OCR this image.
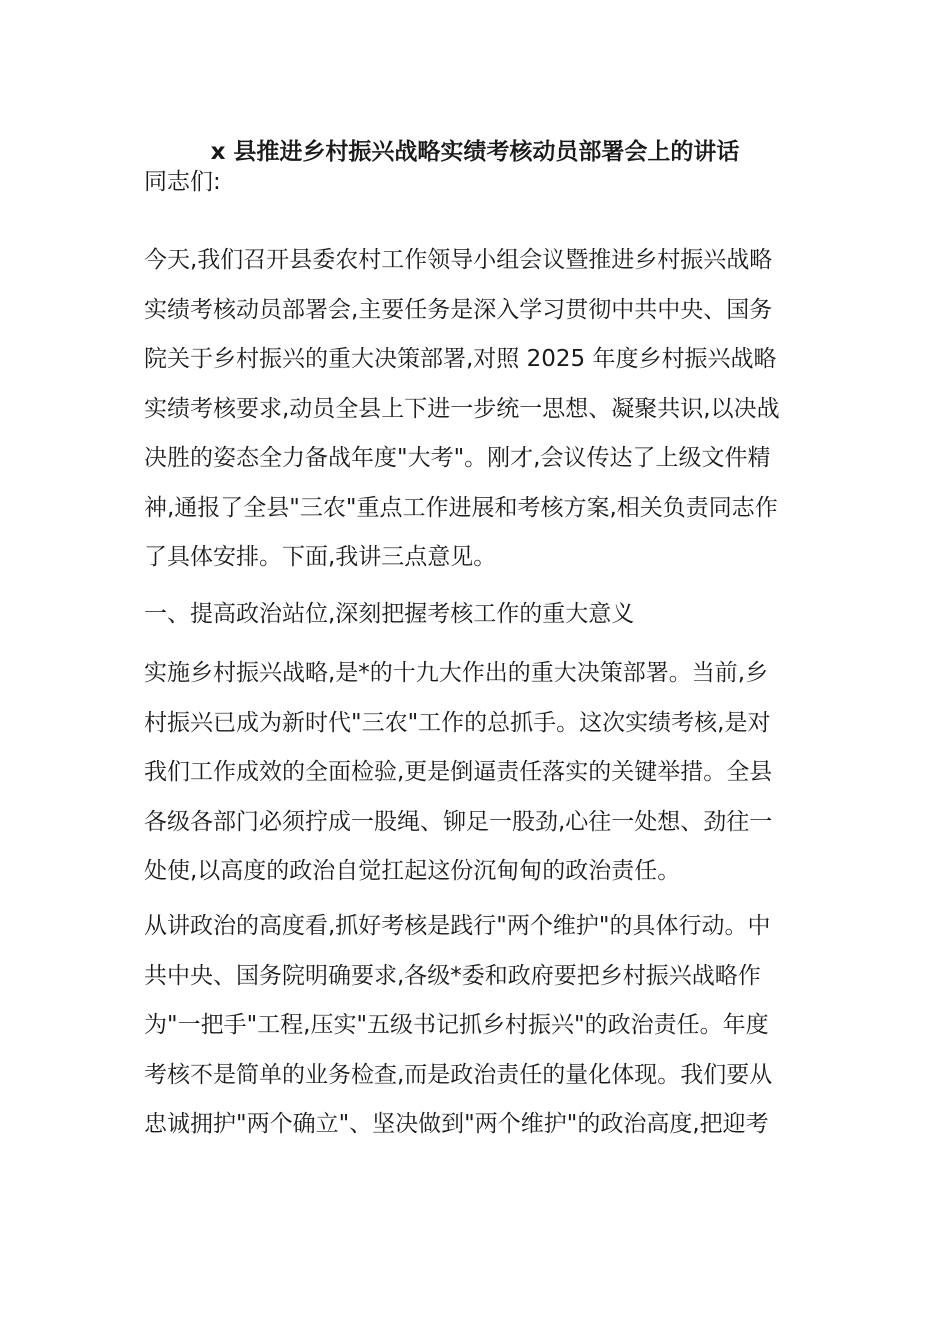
x 县推进乡村振兴战略实绩考核动员部署会上的讲话
同志们:
今天,我们召开县委农村工作领导小组会议暨推进乡村振兴战略
实绩考核动员部署会,主要任务是深入学习贯彻中共中央、国务
院关于乡村振兴的重大决策部署,对照 2025 年度乡村振兴战略
实绩考核要求,动员全县上下进一步统一思想、凝聚共识,以决战
决胜的姿态全力备战年度"大考"。刚才,会议传达了上级文件精
神,通报了全县"三农"重点工作进展和考核方案,相关负责同志作
了具体安排。下面,我讲三点意见。
一、提高政治站位,深刻把握考核工作的重大意义
实施乡村振兴战略,是*的十九大作出的重大决策部署。当前,乡
村振兴已成为新时代"三农"工作的总抓手。这次实绩考核,是对
我们工作成效的全面检验,更是倒逼责任落实的关键举措。全县
各级各部门必须拧成一股绳、铆足一股劲,心往一处想、劲往一
处使,以高度的政治自觉扛起这份沉甸甸的政治责任。
从讲政治的高度看,抓好考核是践行"两个维护"的具体行动。中
共中央、国务院明确要求,各级*委和政府要把乡村振兴战略作
为"一把手"工程,压实"五级书记抓乡村振兴"的政治责任。年度
考核不是简单的业务检查,而是政治责任的量化体现。我们要从
忠诚拥护"两个确立"、坚决做到"两个维护"的政治高度,把迎考
